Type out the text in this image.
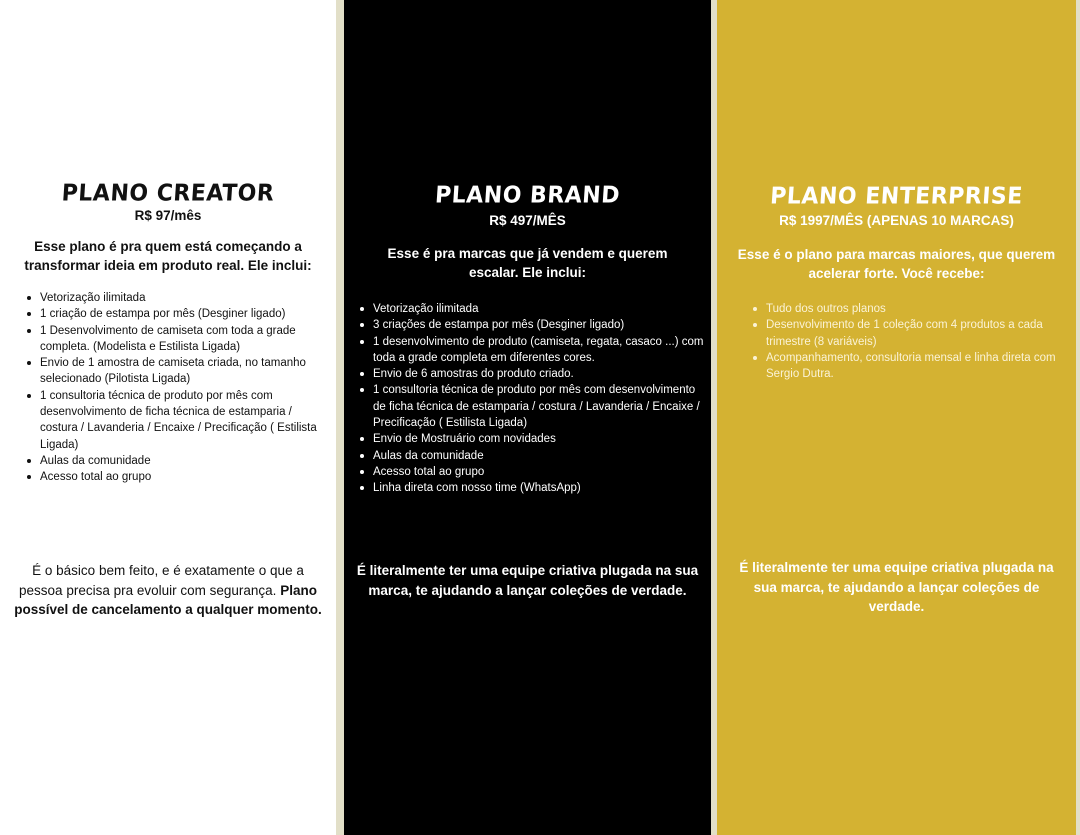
PLANO CREATOR
R$ 97/mês

Esse plano é pra quem está começando a transformar ideia em produto real. Ele inclui:

Vetorização ilimitada
1 criação de estampa por mês (Desginer ligado)
1 Desenvolvimento de camiseta com toda a grade completa. (Modelista e Estilista Ligada)
Envio de 1 amostra de camiseta criada, no tamanho selecionado (Pilotista Ligada)
1 consultoria técnica de produto por mês com desenvolvimento de ficha técnica de estamparia / costura / Lavanderia / Encaixe / Precificação ( Estilista Ligada)
Aulas da comunidade
Acesso total ao grupo
É o básico bem feito, e é exatamente o que a pessoa precisa pra evoluir com segurança. Plano possível de cancelamento a qualquer momento.
PLANO BRAND
R$ 497/MÊS

Esse é pra marcas que já vendem e querem escalar. Ele inclui:

Vetorização ilimitada
3 criações de estampa por mês (Desginer ligado)
1 desenvolvimento de produto (camiseta, regata, casaco ...) com toda a grade completa em diferentes cores.
Envio de 6 amostras do produto criado.
1 consultoria técnica de produto por mês com desenvolvimento de ficha técnica de estamparia / costura / Lavanderia / Encaixe / Precificação ( Estilista Ligada)
Envio de Mostruário com novidades
Aulas da comunidade
Acesso total ao grupo
Linha direta com nosso time (WhatsApp)

É literalmente ter uma equipe criativa plugada na sua marca, te ajudando a lançar coleções de verdade.

PLANO ENTERPRISE
R$ 1997/MÊS (APENAS 10 MARCAS)

Esse é o plano para marcas maiores, que querem acelerar forte. Você recebe:

Tudo dos outros planos
Desenvolvimento de 1 coleção com 4 produtos a cada trimestre (8 variáveis)
Acompanhamento, consultoria mensal e linha direta com Sergio Dutra.

É literalmente ter uma equipe criativa plugada na sua marca, te ajudando a lançar coleções de verdade.
